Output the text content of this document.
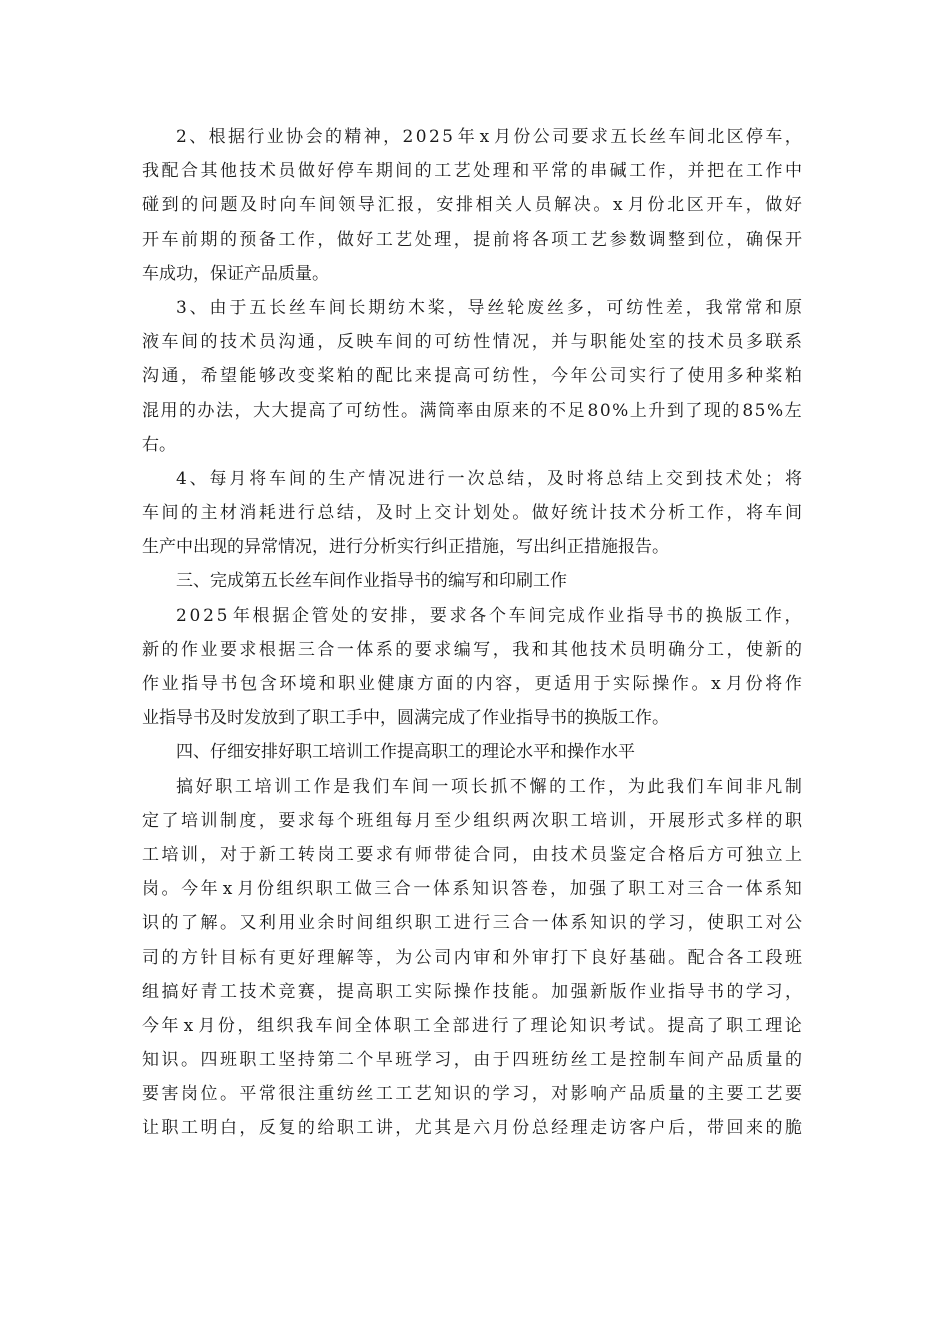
2 、 根 据 行 业 协 会 的 精 神 ， 2 0 2 5 年 x 月 份 公 司 要 求 五 长 丝 车 间 北 区 停 车 ，
我 配 合 其 他 技 术 员 做 好 停 车 期 间 的 工 艺 处 理 和 平 常 的 串 碱 工 作 ， 并 把 在 工 作 中
碰 到 的 问 题 及 时 向 车 间 领 导 汇 报 ， 安 排 相 关 人 员 解 决 。 x 月 份 北 区 开 车 ， 做 好
开 车 前 期 的 预 备 工 作 ， 做 好 工 艺 处 理 ， 提 前 将 各 项 工 艺 参 数 调 整 到 位 ， 确 保 开
车 成 功 ， 保 证 产 品 质 量 。
3 、 由 于 五 长 丝 车 间 长 期 纺 木 桨 ， 导 丝 轮 废 丝 多 ， 可 纺 性 差 ， 我 常 常 和 原
液 车 间 的 技 术 员 沟 通 ， 反 映 车 间 的 可 纺 性 情 况 ， 并 与 职 能 处 室 的 技 术 员 多 联 系
沟 通 ， 希 望 能 够 改 变 桨 粕 的 配 比 来 提 高 可 纺 性 ， 今 年 公 司 实 行 了 使 用 多 种 桨 粕
混 用 的 办 法 ， 大 大 提 高 了 可 纺 性 。 满 筒 率 由 原 来 的 不 足 8 0 % 上 升 到 了 现 的 8 5 % 左
右 。
4 、 每 月 将 车 间 的 生 产 情 况 进 行 一 次 总 结 ， 及 时 将 总 结 上 交 到 技 术 处 ； 将
车 间 的 主 材 消 耗 进 行 总 结 ， 及 时 上 交 计 划 处 。 做 好 统 计 技 术 分 析 工 作 ， 将 车 间
生 产 中 出 现 的 异 常 情 况 ， 进 行 分 析 实 行 纠 正 措 施 ， 写 出 纠 正 措 施 报 告 。
三 、 完 成 第 五 长 丝 车 间 作 业 指 导 书 的 编 写 和 印 刷 工 作
2 0 2 5 年 根 据 企 管 处 的 安 排 ， 要 求 各 个 车 间 完 成 作 业 指 导 书 的 换 版 工 作 ，
新 的 作 业 要 求 根 据 三 合 一 体 系 的 要 求 编 写 ， 我 和 其 他 技 术 员 明 确 分 工 ， 使 新 的
作 业 指 导 书 包 含 环 境 和 职 业 健 康 方 面 的 内 容 ， 更 适 用 于 实 际 操 作 。 x 月 份 将 作
业 指 导 书 及 时 发 放 到 了 职 工 手 中 ， 圆 满 完 成 了 作 业 指 导 书 的 换 版 工 作 。
四 、 仔 细 安 排 好 职 工 培 训 工 作 提 高 职 工 的 理 论 水 平 和 操 作 水 平
搞 好 职 工 培 训 工 作 是 我 们 车 间 一 项 长 抓 不 懈 的 工 作 ， 为 此 我 们 车 间 非 凡 制
定 了 培 训 制 度 ， 要 求 每 个 班 组 每 月 至 少 组 织 两 次 职 工 培 训 ， 开 展 形 式 多 样 的 职
工 培 训 ， 对 于 新 工 转 岗 工 要 求 有 师 带 徒 合 同 ， 由 技 术 员 鉴 定 合 格 后 方 可 独 立 上
岗 。 今 年 x 月 份 组 织 职 工 做 三 合 一 体 系 知 识 答 卷 ， 加 强 了 职 工 对 三 合 一 体 系 知
识 的 了 解 。 又 利 用 业 余 时 间 组 织 职 工 进 行 三 合 一 体 系 知 识 的 学 习 ， 使 职 工 对 公
司 的 方 针 目 标 有 更 好 理 解 等 ， 为 公 司 内 审 和 外 审 打 下 良 好 基 础 。 配 合 各 工 段 班
组 搞 好 青 工 技 术 竞 赛 ， 提 高 职 工 实 际 操 作 技 能 。 加 强 新 版 作 业 指 导 书 的 学 习 ，
今 年 x 月 份 ， 组 织 我 车 间 全 体 职 工 全 部 进 行 了 理 论 知 识 考 试 。 提 高 了 职 工 理 论
知 识 。 四 班 职 工 坚 持 第 二 个 早 班 学 习 ， 由 于 四 班 纺 丝 工 是 控 制 车 间 产 品 质 量 的
要 害 岗 位 。 平 常 很 注 重 纺 丝 工 工 艺 知 识 的 学 习 ， 对 影 响 产 品 质 量 的 主 要 工 艺 要
让 职 工 明 白 ， 反 复 的 给 职 工 讲 ， 尤 其 是 六 月 份 总 经 理 走 访 客 户 后 ， 带 回 来 的 脆
